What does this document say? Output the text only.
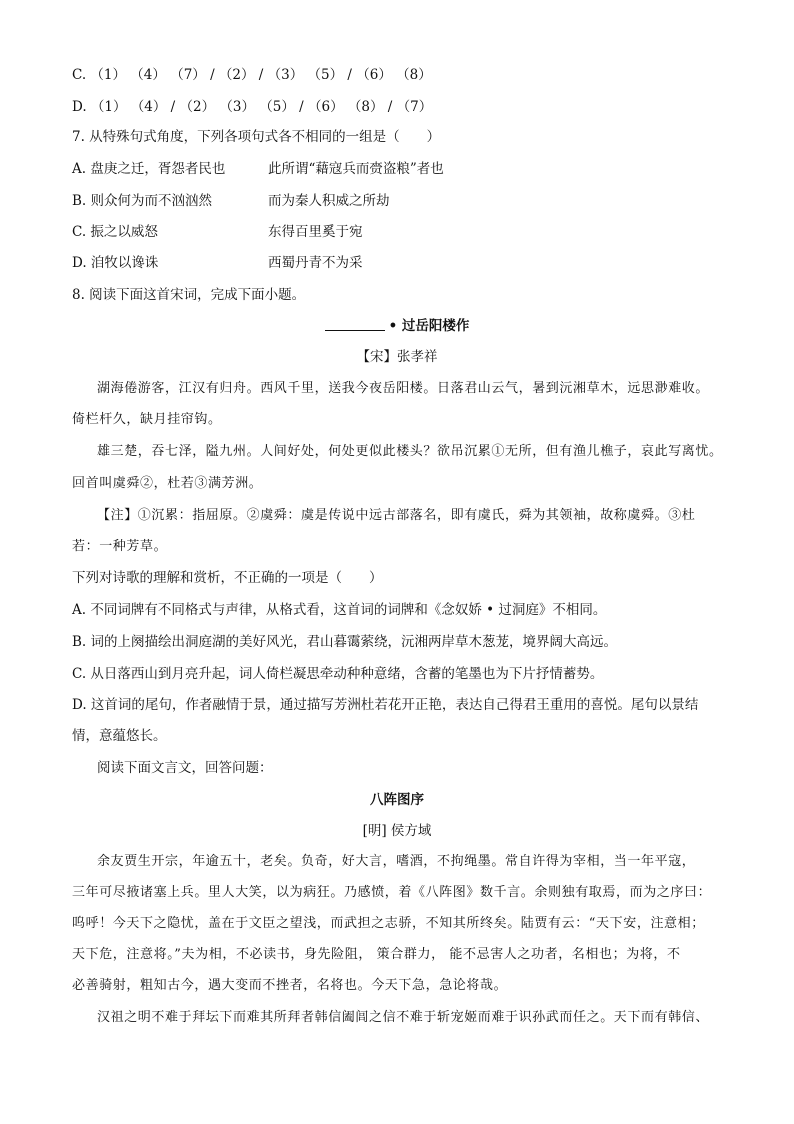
C. （1） （4） （7） / （2） / （3） （5） / （6） （8）
D. （1） （4） / （2） （3） （5） / （6） （8） / （7）
7. 从特殊句式角度，下列各项句式各不相同的一组是（　　）
A. 盘庚之迁，胥怨者民也	此所谓“藉寇兵而赍盗粮”者也
B. 则众何为而不汹汹然	而为秦人积威之所劫
C. 振之以威怒	东得百里奚于宛
D. 洎牧以谗诛	西蜀丹青不为采
8. 阅读下面这首宋词，完成下面小题。
• 过岳阳楼作
【宋】张孝祥
湖海倦游客，江汉有归舟。西风千里，送我今夜岳阳楼。日落君山云气，暑到沅湘草木，远思渺难收。
倚栏杆久，缺月挂帘钩。
雄三楚，吞七泽，隘九州。人间好处，何处更似此楼头？欲吊沉累①无所，但有渔儿樵子，哀此写离忧。
回首叫虞舜②，杜若③满芳洲。
【注】①沉累：指屈原。②虞舜：虞是传说中远古部落名，即有虞氏，舜为其领袖，故称虞舜。③杜
若：一种芳草。
下列对诗歌的理解和赏析，不正确的一项是（　　）
A. 不同词牌有不同格式与声律，从格式看，这首词的词牌和《念奴娇 • 过洞庭》不相同。
B. 词的上阕描绘出洞庭湖的美好风光，君山暮霭萦绕，沅湘两岸草木葱茏，境界阔大高远。
C. 从日落西山到月亮升起，词人倚栏凝思牵动种种意绪，含蓄的笔墨也为下片抒情蓄势。
D. 这首词的尾句，作者融情于景，通过描写芳洲杜若花开正艳，表达自己得君王重用的喜悦。尾句以景结
情，意蕴悠长。
阅读下面文言文，回答问题：
八阵图序
[明] 侯方域
余友贾生开宗，年逾五十，老矣。负奇，好大言，嗜酒，不拘绳墨。常自许得为宰相，当一年平寇，
三年可尽掖诸塞上兵。里人大笑，以为病狂。乃感愤，着《八阵图》数千言。余则独有取焉，而为之序曰：
呜呼！今天下之隐忧，盖在于文臣之望浅，而武担之志骄，不知其所终矣。陆贾有云：“天下安，注意相；
天下危，注意将。”夫为相，不必读书，身先险阻， 策合群力， 能不忌害人之功者，名相也；为将，不
必善骑射，粗知古今，遇大变而不挫者，名将也。今天下急，急论将哉。
汉祖之明不难于拜坛下而难其所拜者韩信阖闾之信不难于斩宠姬而难于识孙武而任之。天下而有韩信、
